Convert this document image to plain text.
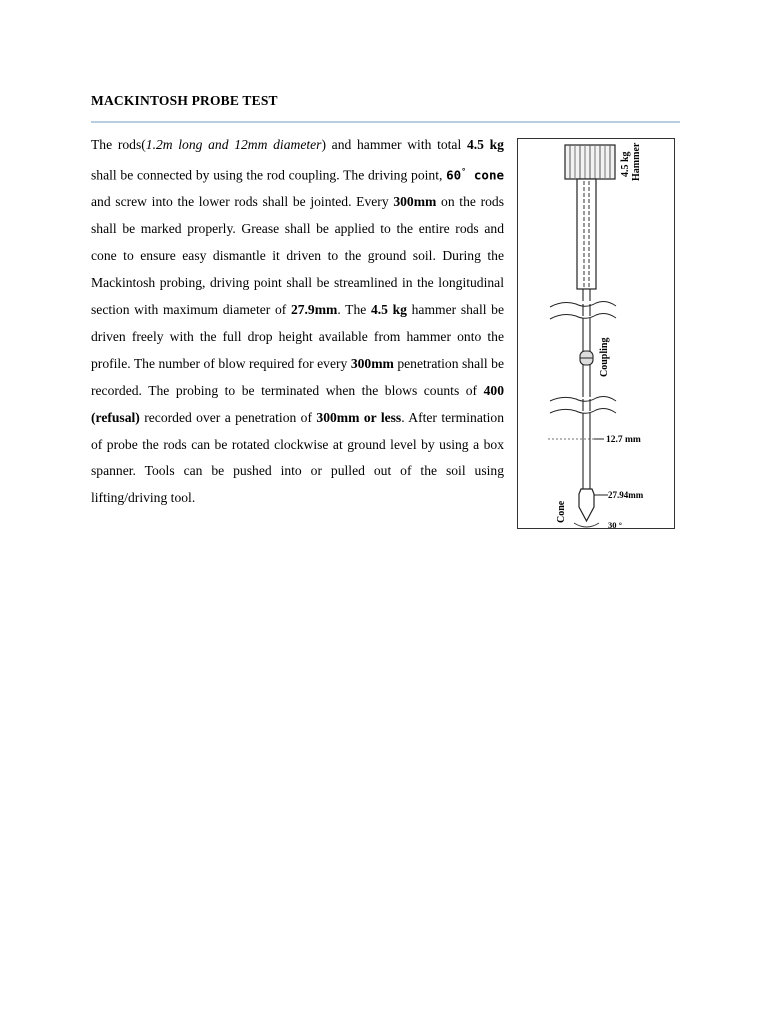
MACKINTOSH PROBE TEST
The rods(1.2m long and 12mm diameter) and hammer with total 4.5 kg shall be connected by using the rod coupling. The driving point, 60° cone and screw into the lower rods shall be jointed. Every 300mm on the rods shall be marked properly. Grease shall be applied to the entire rods and cone to ensure easy dismantle it driven to the ground soil. During the Mackintosh probing, driving point shall be streamlined in the longitudinal section with maximum diameter of 27.9mm. The 4.5 kg hammer shall be driven freely with the full drop height available from hammer onto the profile. The number of blow required for every 300mm penetration shall be recorded. The probing to be terminated when the blows counts of 400 (refusal) recorded over a penetration of 300mm or less. After termination of probe the rods can be rotated clockwise at ground level by using a box spanner. Tools can be pushed into or pulled out of the soil using lifting/driving tool.
4.5 kg Hammer
Coupling
12.7 mm
27.94mm
Cone
30 °
